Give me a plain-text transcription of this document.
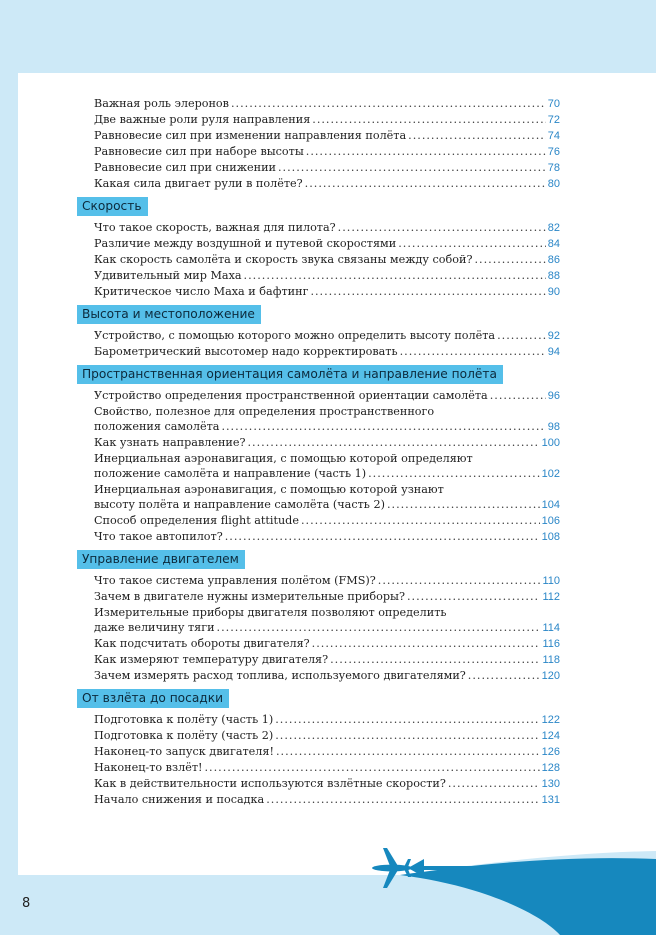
Важная роль элеронов .....	70
Две важные роли руля направления .....	72
Равновесие сил при изменении направления полёта .....	74
Равновесие сил при наборе высоты .....	76
Равновесие сил при снижении .....	78
Какая сила двигает рули в полёте? .....	80
Скорость
Что такое скорость, важная для пилота? .....	82
Различие между воздушной и путевой скоростями .....	84
Как скорость самолёта и скорость звука связаны между собой? .....	86
Удивительный мир Маха .....	88
Критическое число Маха и бафтинг .....	90
Высота и местоположение
Устройство, с помощью которого можно определить высоту полёта .....	92
Барометрический высотомер надо корректировать .....	94
Пространственная ориентация самолёта и направление полёта
Устройство определения пространственной ориентации самолёта .....	96
Свойство, полезное для определения пространственного
положения самолёта .....	98
Как узнать направление? .....	100
Инерциальная аэронавигация, с помощью которой определяют
положение самолёта и направление (часть 1) .....	102
Инерциальная аэронавигация, с помощью которой узнают
высоту полёта и направление самолёта (часть 2) .....	104
Способ определения flight attitude .....	106
Что такое автопилот? .....	108
Управление двигателем
Что такое система управления полётом (FMS)? .....	110
Зачем в двигателе нужны измерительные приборы? .....	112
Измерительные приборы двигателя позволяют определить
даже величину тяги .....	114
Как подсчитать обороты двигателя? .....	116
Как измеряют температуру двигателя? .....	118
Зачем измерять расход топлива, используемого двигателями? .....	120
От взлёта до посадки
Подготовка к полёту (часть 1) .....	122
Подготовка к полёту (часть 2) .....	124
Наконец-то запуск двигателя! .....	126
Наконец-то взлёт! .....	128
Как в действительности используются взлётные скорости? .....	130
Начало снижения и посадка .....	131
8
